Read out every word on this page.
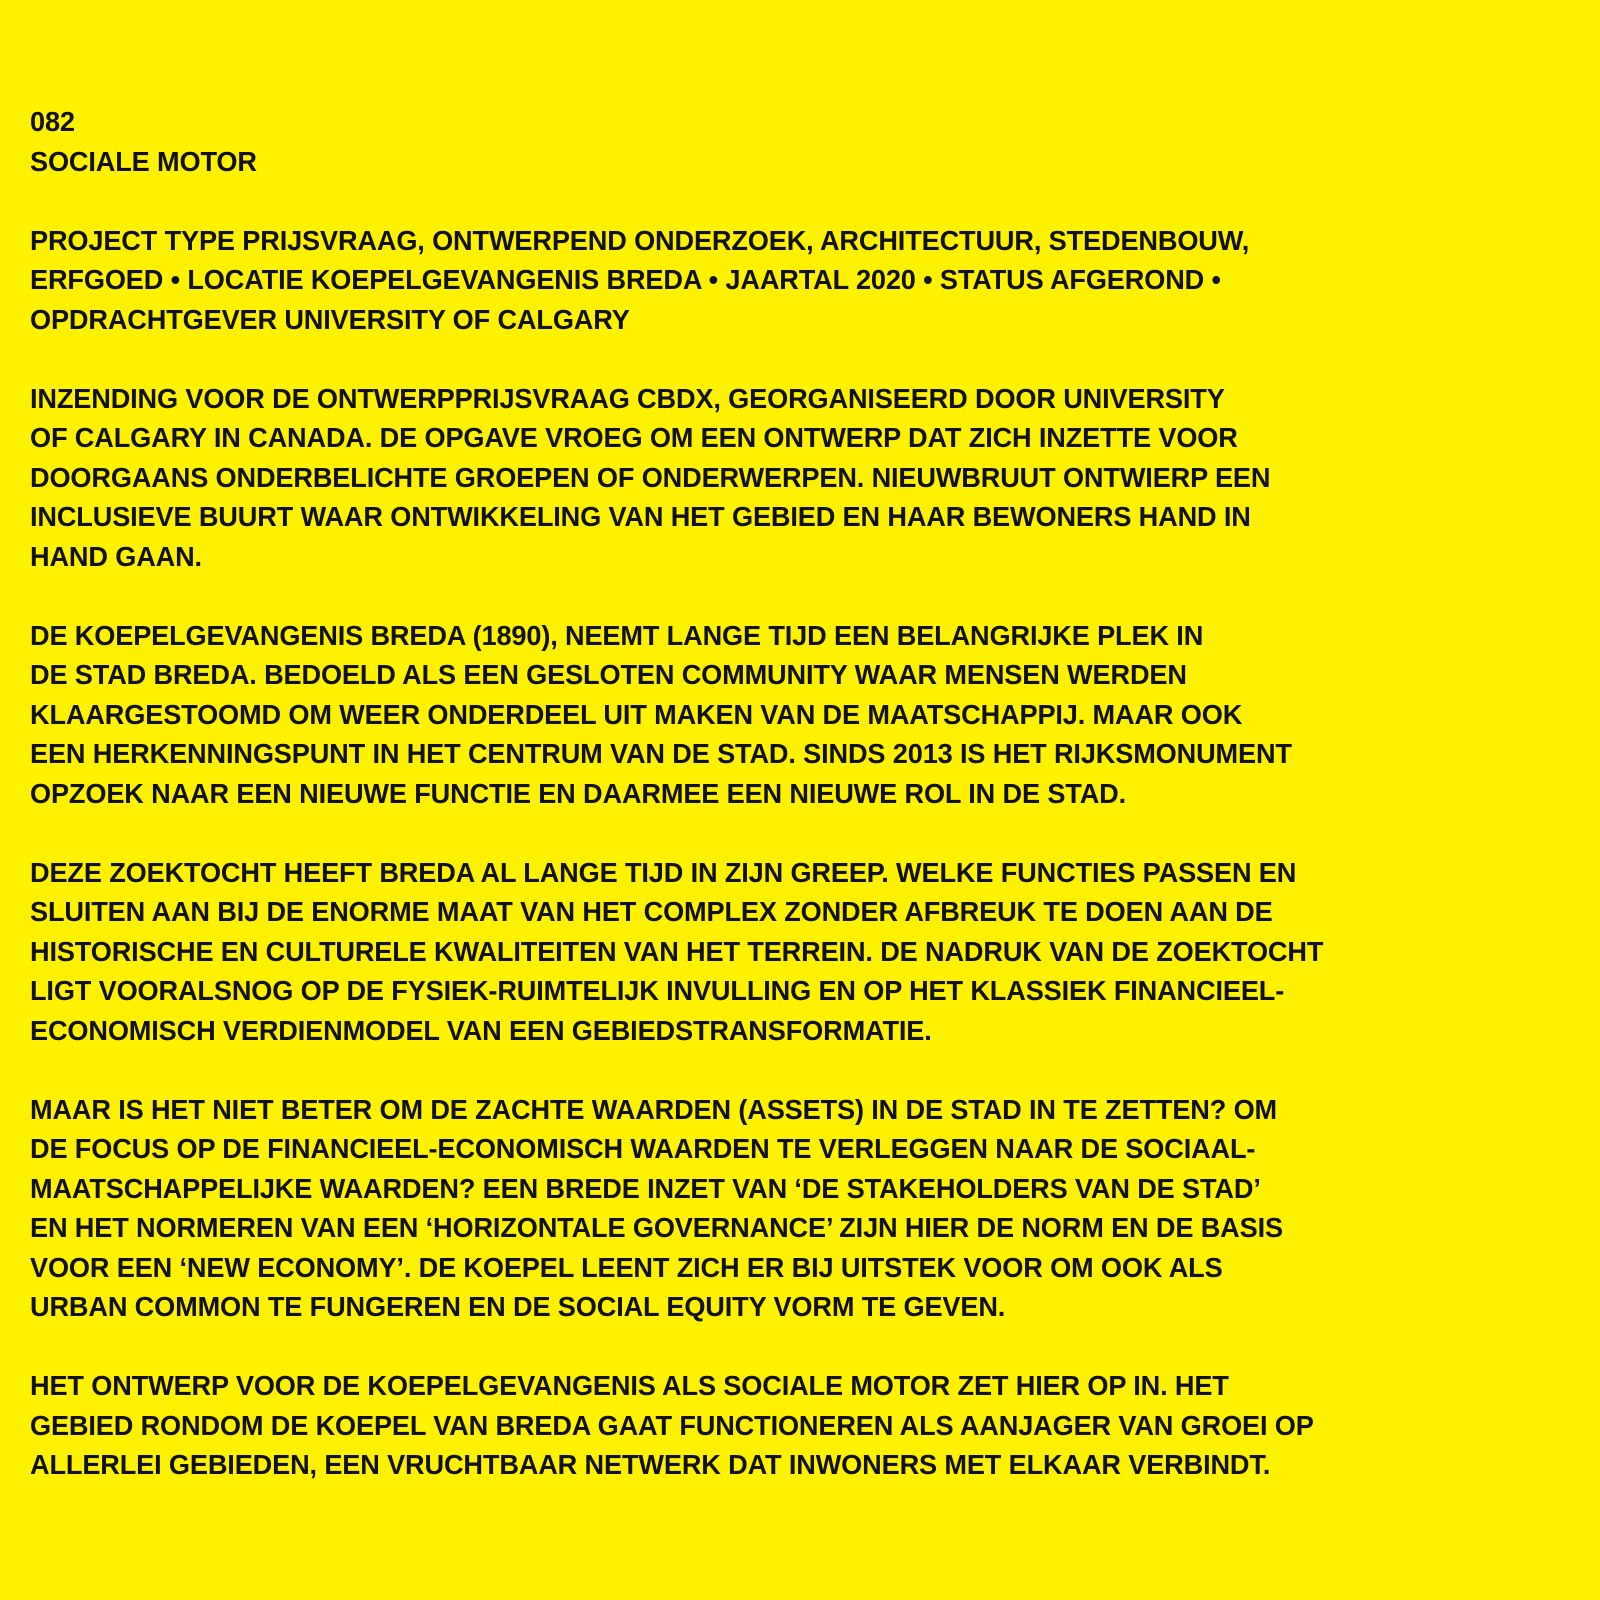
082
SOCIALE MOTOR
PROJECT TYPE PRIJSVRAAG, ONTWERPEND ONDERZOEK, ARCHITECTUUR, STEDENBOUW,
ERFGOED • LOCATIE KOEPELGEVANGENIS BREDA • JAARTAL 2020 • STATUS AFGEROND •
OPDRACHTGEVER UNIVERSITY OF CALGARY
INZENDING VOOR DE ONTWERPPRIJSVRAAG CBDX, GEORGANISEERD DOOR UNIVERSITY
OF CALGARY IN CANADA. DE OPGAVE VROEG OM EEN ONTWERP DAT ZICH INZETTE VOOR
DOORGAANS ONDERBELICHTE GROEPEN OF ONDERWERPEN. NIEUWBRUUT ONTWIERP EEN
INCLUSIEVE BUURT WAAR ONTWIKKELING VAN HET GEBIED EN HAAR BEWONERS HAND IN
HAND GAAN.
DE KOEPELGEVANGENIS BREDA (1890), NEEMT LANGE TIJD EEN BELANGRIJKE PLEK IN
DE STAD BREDA. BEDOELD ALS EEN GESLOTEN COMMUNITY WAAR MENSEN WERDEN
KLAARGESTOOMD OM WEER ONDERDEEL UIT MAKEN VAN DE MAATSCHAPPIJ. MAAR OOK
EEN HERKENNINGSPUNT IN HET CENTRUM VAN DE STAD. SINDS 2013 IS HET RIJKSMONUMENT
OPZOEK NAAR EEN NIEUWE FUNCTIE EN DAARMEE EEN NIEUWE ROL IN DE STAD.
DEZE ZOEKTOCHT HEEFT BREDA AL LANGE TIJD IN ZIJN GREEP. WELKE FUNCTIES PASSEN EN
SLUITEN AAN BIJ DE ENORME MAAT VAN HET COMPLEX ZONDER AFBREUK TE DOEN AAN DE
HISTORISCHE EN CULTURELE KWALITEITEN VAN HET TERREIN. DE NADRUK VAN DE ZOEKTOCHT
LIGT VOORALSNOG OP DE FYSIEK-RUIMTELIJK INVULLING EN OP HET KLASSIEK FINANCIEEL-
ECONOMISCH VERDIENMODEL VAN EEN GEBIEDSTRANSFORMATIE.
MAAR IS HET NIET BETER OM DE ZACHTE WAARDEN (ASSETS) IN DE STAD IN TE ZETTEN? OM
DE FOCUS OP DE FINANCIEEL-ECONOMISCH WAARDEN TE VERLEGGEN NAAR DE SOCIAAL-
MAATSCHAPPELIJKE WAARDEN? EEN BREDE INZET VAN ‘DE STAKEHOLDERS VAN DE STAD’
EN HET NORMEREN VAN EEN ‘HORIZONTALE GOVERNANCE’ ZIJN HIER DE NORM EN DE BASIS
VOOR EEN ‘NEW ECONOMY’. DE KOEPEL LEENT ZICH ER BIJ UITSTEK VOOR OM OOK ALS
URBAN COMMON TE FUNGEREN EN DE SOCIAL EQUITY VORM TE GEVEN.
HET ONTWERP VOOR DE KOEPELGEVANGENIS ALS SOCIALE MOTOR ZET HIER OP IN. HET
GEBIED RONDOM DE KOEPEL VAN BREDA GAAT FUNCTIONEREN ALS AANJAGER VAN GROEI OP
ALLERLEI GEBIEDEN, EEN VRUCHTBAAR NETWERK DAT INWONERS MET ELKAAR VERBINDT.
